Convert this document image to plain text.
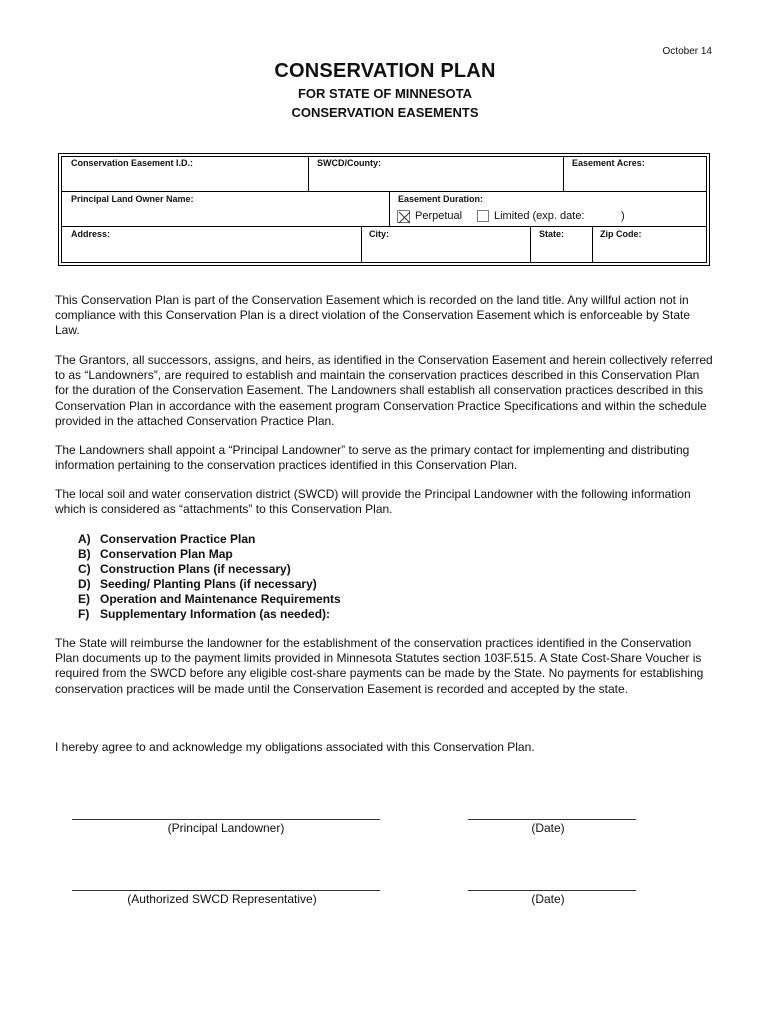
October 14
CONSERVATION PLAN
FOR STATE OF MINNESOTA
CONSERVATION EASEMENTS
Conservation Easement I.D.:	SWCD/County:	Easement Acres:
Principal Land Owner Name:	Easement Duration:
Perpetual	Limited (exp. date:	)
Address:	City:	State:	Zip Code:

This Conservation Plan is part of the Conservation Easement which is recorded on the land title. Any willful action not in compliance with this Conservation Plan is a direct violation of the Conservation Easement which is enforceable by State Law.

The Grantors, all successors, assigns, and heirs, as identified in the Conservation Easement and herein collectively referred to as “Landowners”, are required to establish and maintain the conservation practices described in this Conservation Plan for the duration of the Conservation Easement. The Landowners shall establish all conservation practices described in this Conservation Plan in accordance with the easement program Conservation Practice Specifications and within the schedule provided in the attached Conservation Practice Plan.

The Landowners shall appoint a “Principal Landowner” to serve as the primary contact for implementing and distributing information pertaining to the conservation practices identified in this Conservation Plan.

The local soil and water conservation district (SWCD) will provide the Principal Landowner with the following information which is considered as “attachments” to this Conservation Plan.

A) Conservation Practice Plan
B) Conservation Plan Map
C) Construction Plans (if necessary)
D) Seeding/ Planting Plans (if necessary)
E) Operation and Maintenance Requirements
F) Supplementary Information (as needed):

The State will reimburse the landowner for the establishment of the conservation practices identified in the Conservation Plan documents up to the payment limits provided in Minnesota Statutes section 103F.515. A State Cost-Share Voucher is required from the SWCD before any eligible cost-share payments can be made by the State. No payments for establishing conservation practices will be made until the Conservation Easement is recorded and accepted by the state.

I hereby agree to and acknowledge my obligations associated with this Conservation Plan.

(Principal Landowner)	(Date)
(Authorized SWCD Representative)	(Date)
